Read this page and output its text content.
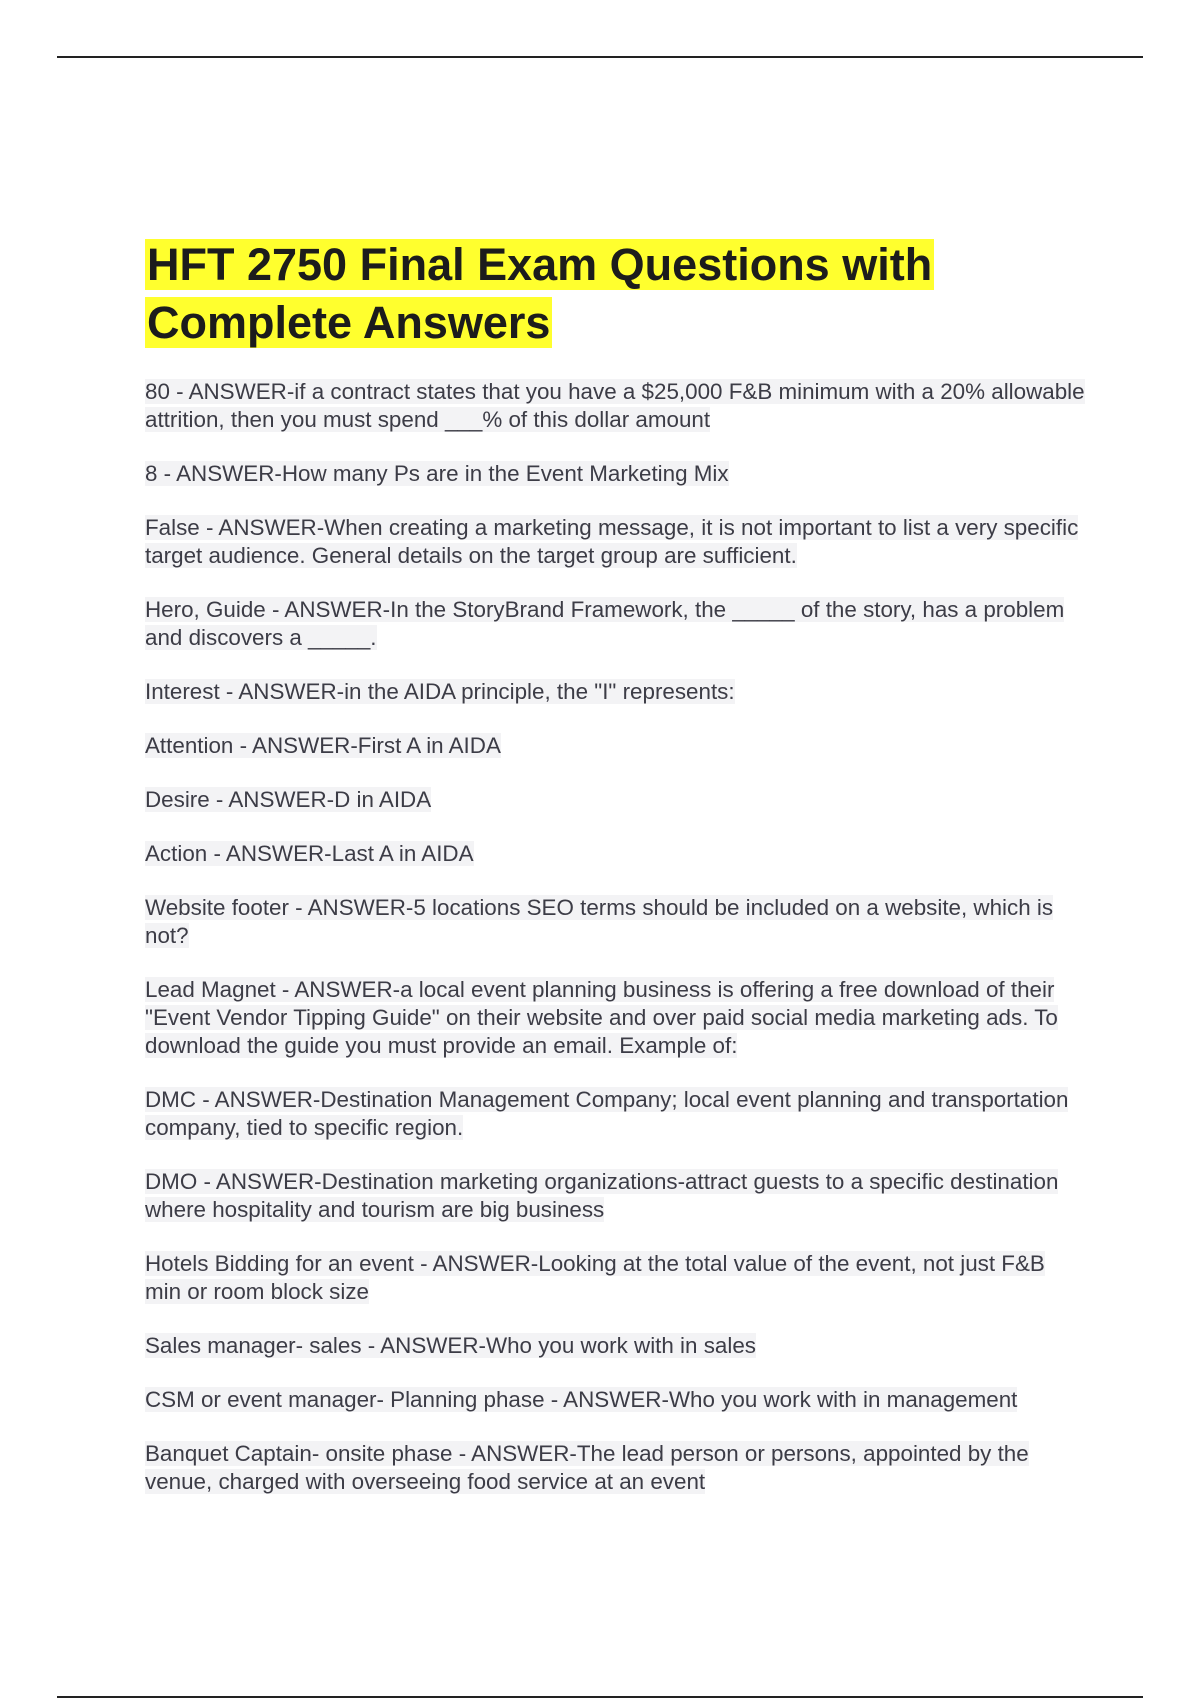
HFT 2750 Final Exam Questions with Complete Answers
80 - ANSWER-if a contract states that you have a $25,000 F&B minimum with a 20% allowable attrition, then you must spend ___% of this dollar amount
8 - ANSWER-How many Ps are in the Event Marketing Mix
False - ANSWER-When creating a marketing message, it is not important to list a very specific target audience. General details on the target group are sufficient.
Hero, Guide - ANSWER-In the StoryBrand Framework, the _____ of the story, has a problem and discovers a _____.
Interest - ANSWER-in the AIDA principle, the "I" represents:
Attention - ANSWER-First A in AIDA
Desire - ANSWER-D in AIDA
Action - ANSWER-Last A in AIDA
Website footer - ANSWER-5 locations SEO terms should be included on a website, which is not?
Lead Magnet - ANSWER-a local event planning business is offering a free download of their "Event Vendor Tipping Guide" on their website and over paid social media marketing ads. To download the guide you must provide an email. Example of:
DMC - ANSWER-Destination Management Company; local event planning and transportation company, tied to specific region.
DMO - ANSWER-Destination marketing organizations-attract guests to a specific destination where hospitality and tourism are big business
Hotels Bidding for an event - ANSWER-Looking at the total value of the event, not just F&B min or room block size
Sales manager- sales - ANSWER-Who you work with in sales
CSM or event manager- Planning phase - ANSWER-Who you work with in management
Banquet Captain- onsite phase - ANSWER-The lead person or persons, appointed by the venue, charged with overseeing food service at an event
